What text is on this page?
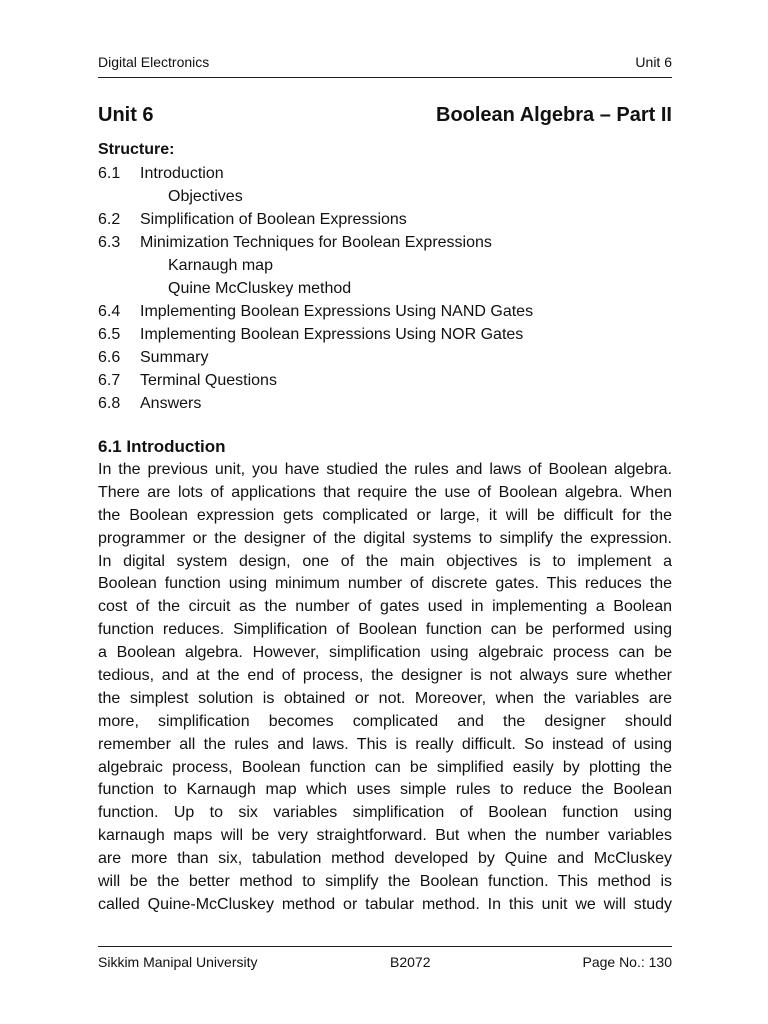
Digital Electronics	Unit 6
Unit 6	Boolean Algebra – Part II
Structure:
6.1 Introduction
Objectives
6.2 Simplification of Boolean Expressions
6.3 Minimization Techniques for Boolean Expressions
Karnaugh map
Quine McCluskey method
6.4 Implementing Boolean Expressions Using NAND Gates
6.5 Implementing Boolean Expressions Using NOR Gates
6.6 Summary
6.7 Terminal Questions
6.8 Answers
6.1 Introduction
In the previous unit, you have studied the rules and laws of Boolean algebra.
There are lots of applications that require the use of Boolean algebra. When
the Boolean expression gets complicated or large, it will be difficult for the
programmer or the designer of the digital systems to simplify the expression.
In digital system design, one of the main objectives is to implement a
Boolean function using minimum number of discrete gates. This reduces the
cost of the circuit as the number of gates used in implementing a Boolean
function reduces. Simplification of Boolean function can be performed using
a Boolean algebra. However, simplification using algebraic process can be
tedious, and at the end of process, the designer is not always sure whether
the simplest solution is obtained or not. Moreover, when the variables are
more, simplification becomes complicated and the designer should
remember all the rules and laws. This is really difficult. So instead of using
algebraic process, Boolean function can be simplified easily by plotting the
function to Karnaugh map which uses simple rules to reduce the Boolean
function. Up to six variables simplification of Boolean function using
karnaugh maps will be very straightforward. But when the number variables
are more than six, tabulation method developed by Quine and McCluskey
will be the better method to simplify the Boolean function. This method is
called Quine-McCluskey method or tabular method. In this unit we will study
Sikkim Manipal University	B2072	Page No.: 130
